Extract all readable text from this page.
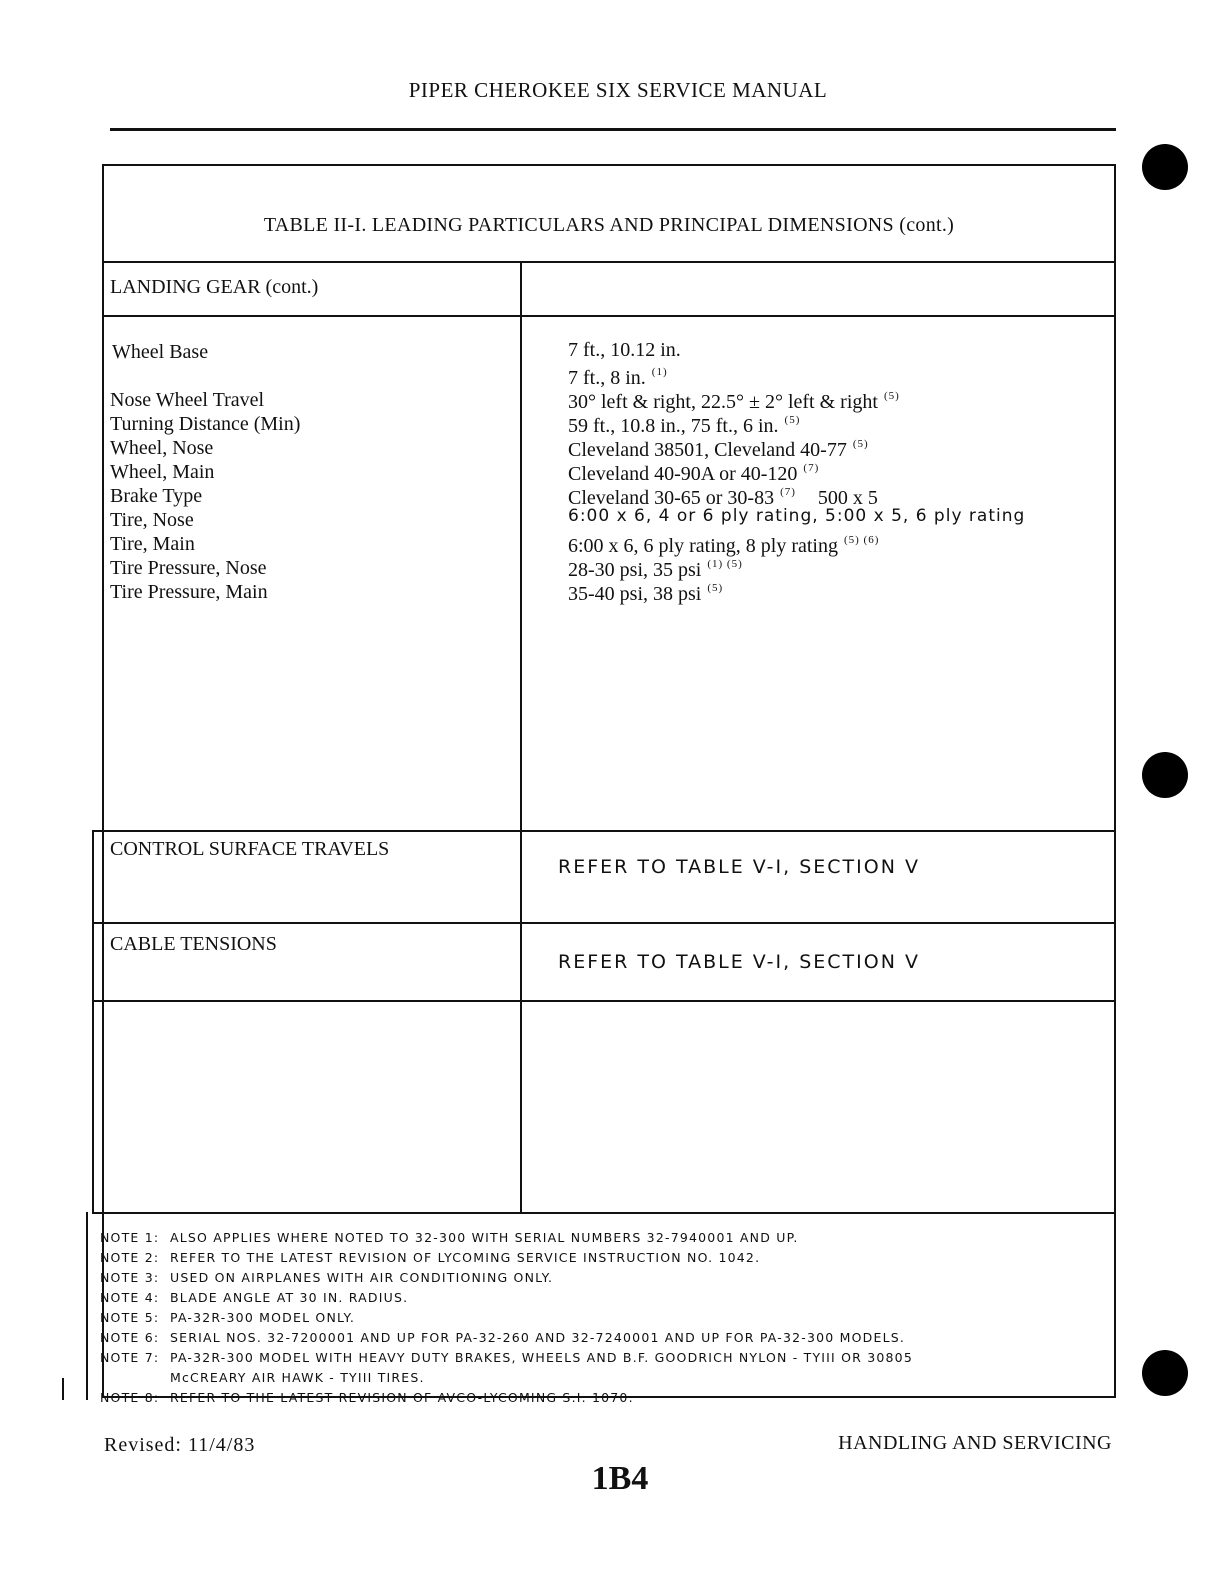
PIPER CHEROKEE SIX SERVICE MANUAL
TABLE II-I. LEADING PARTICULARS AND PRINCIPAL DIMENSIONS (cont.)
LANDING GEAR (cont.)
Wheel Base
Nose Wheel Travel
Turning Distance (Min)
Wheel, Nose
Wheel, Main
Brake Type
Tire, Nose
Tire, Main
Tire Pressure, Nose
Tire Pressure, Main
7 ft., 10.12 in.
7 ft., 8 in. $^{(1)}$
30° left & right, 22.5° ± 2° left & right $^{(5)}$
59 ft., 10.8 in., 75 ft., 6 in. $^{(5)}$
Cleveland 38501, Cleveland 40-77 $^{(5)}$
Cleveland 40-90A or 40-120 $^{(7)}$
Cleveland 30-65 or 30-83 $^{(7)}$ 500 x 5
6:00 x 6, 4 or 6 ply rating, 5:00 x 5, 6 ply rating
6:00 x 6, 6 ply rating, 8 ply rating $^{(5) (6)}$
28-30 psi, 35 psi $^{(1) (5)}$
35-40 psi, 38 psi $^{(5)}$
CONTROL SURFACE TRAVELS
REFER TO TABLE V-I, SECTION V
CABLE TENSIONS
REFER TO TABLE V-I, SECTION V
NOTE 1: ALSO APPLIES WHERE NOTED TO 32-300 WITH SERIAL NUMBERS 32-7940001 AND UP.
NOTE 2: REFER TO THE LATEST REVISION OF LYCOMING SERVICE INSTRUCTION NO. 1042.
NOTE 3: USED ON AIRPLANES WITH AIR CONDITIONING ONLY.
NOTE 4: BLADE ANGLE AT 30 IN. RADIUS.
NOTE 5: PA-32R-300 MODEL ONLY.
NOTE 6: SERIAL NOS. 32-7200001 AND UP FOR PA-32-260 AND 32-7240001 AND UP FOR PA-32-300 MODELS.
NOTE 7: PA-32R-300 MODEL WITH HEAVY DUTY BRAKES, WHEELS AND B.F. GOODRICH NYLON - TYIII OR 30805
McCREARY AIR HAWK - TYIII TIRES.
NOTE 8: REFER TO THE LATEST REVISION OF AVCO-LYCOMING S.I. 1070.
Revised: 11/4/83	HANDLING AND SERVICING
1B4
